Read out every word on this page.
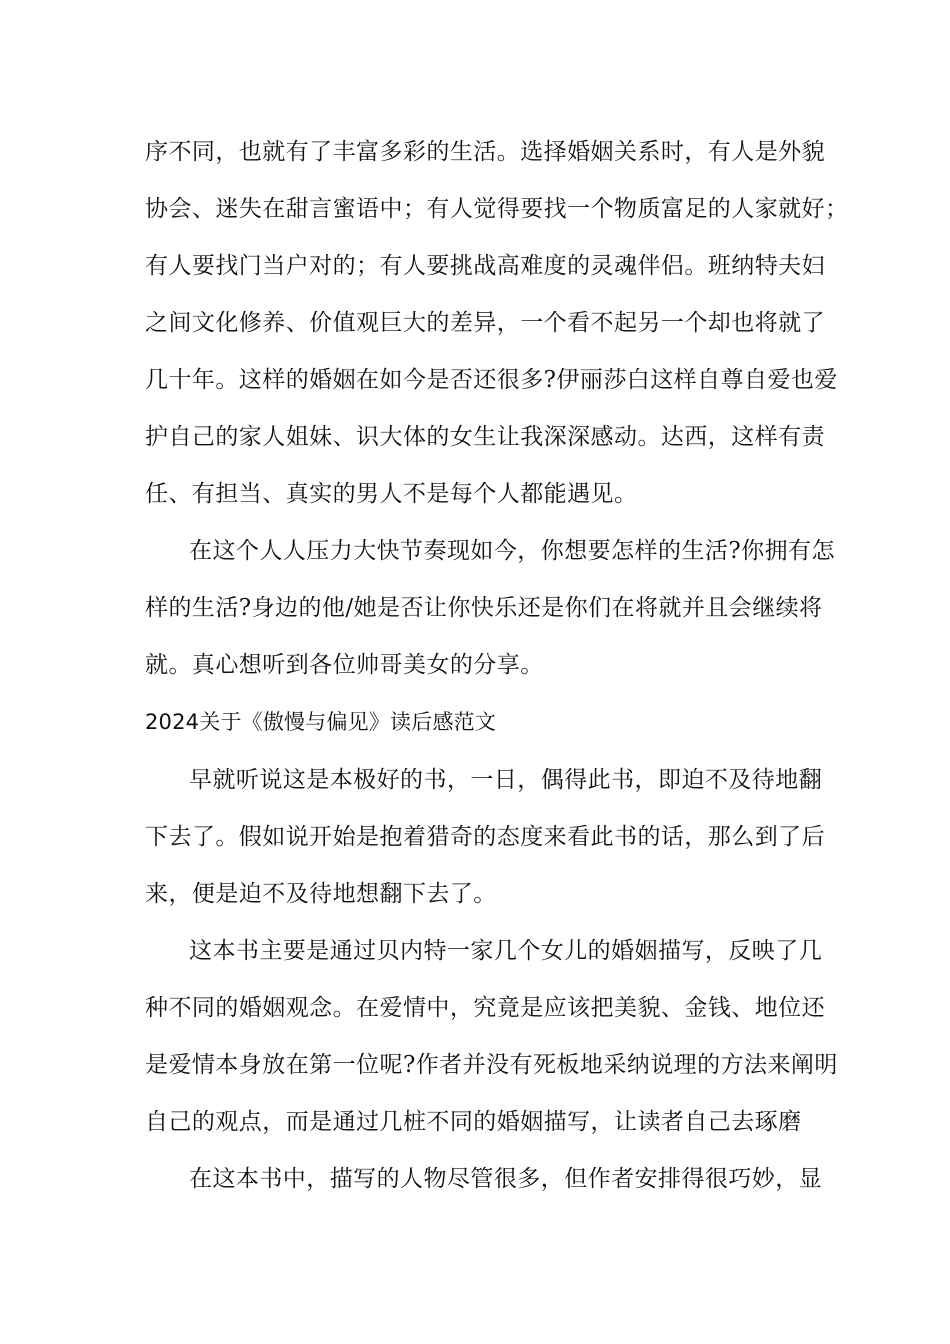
序不同，也就有了丰富多彩的生活。选择婚姻关系时，有人是外貌
协会、迷失在甜言蜜语中；有人觉得要找一个物质富足的人家就好；
有人要找门当户对的；有人要挑战高难度的灵魂伴侣。班纳特夫妇
之间文化修养、价值观巨大的差异，一个看不起另一个却也将就了
几十年。这样的婚姻在如今是否还很多?伊丽莎白这样自尊自爱也爱
护自己的家人姐妹、识大体的女生让我深深感动。达西，这样有责
任、有担当、真实的男人不是每个人都能遇见。
在这个人人压力大快节奏现如今，你想要怎样的生活?你拥有怎
样的生活?身边的他/她是否让你快乐还是你们在将就并且会继续将
就。真心想听到各位帅哥美女的分享。
2024关于《傲慢与偏见》读后感范文
早就听说这是本极好的书，一日，偶得此书，即迫不及待地翻
下去了。假如说开始是抱着猎奇的态度来看此书的话，那么到了后
来，便是迫不及待地想翻下去了。
这本书主要是通过贝内特一家几个女儿的婚姻描写，反映了几
种不同的婚姻观念。在爱情中，究竟是应该把美貌、金钱、地位还
是爱情本身放在第一位呢?作者并没有死板地采纳说理的方法来阐明
自己的观点，而是通过几桩不同的婚姻描写，让读者自己去琢磨
在这本书中，描写的人物尽管很多，但作者安排得很巧妙，显
